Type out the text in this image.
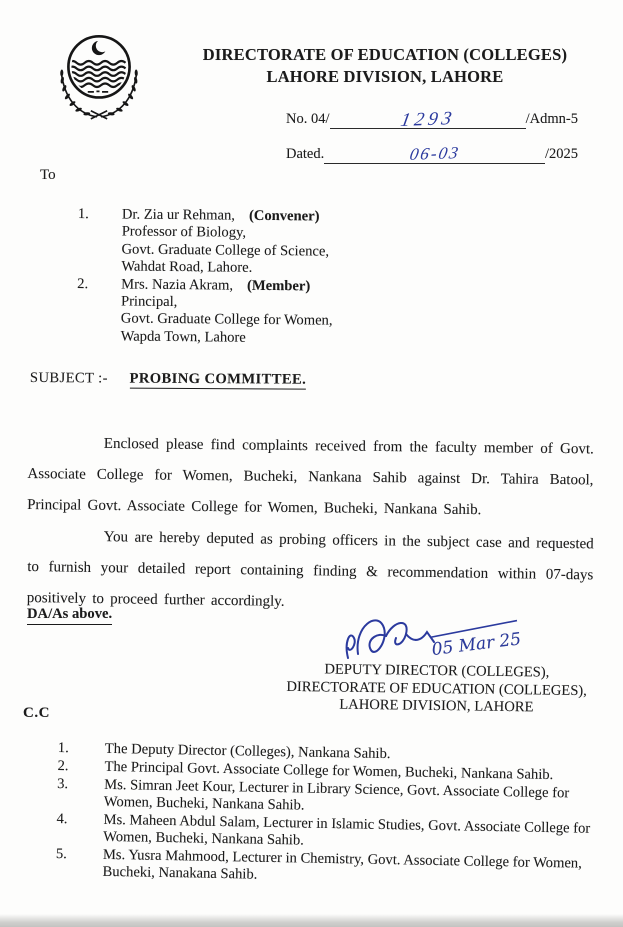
DIRECTORATE OF EDUCATION (COLLEGES)
LAHORE DIVISION, LAHORE
No. 04/	1293	/Admn-5
Dated.	06-03	/2025
To
1.	Dr. Zia ur Rehman, (Convener)
Professor of Biology,
Govt. Graduate College of Science,
Wahdat Road, Lahore.
2.	Mrs. Nazia Akram, (Member)
Principal,
Govt. Graduate College for Women,
Wapda Town, Lahore
SUBJECT :- PROBING COMMITTEE.

Enclosed please find complaints received from the faculty member of Govt. Associate College for Women, Bucheki, Nankana Sahib against Dr. Tahira Batool, Principal Govt. Associate College for Women, Bucheki, Nankana Sahib.

You are hereby deputed as probing officers in the subject case and requested to furnish your detailed report containing finding & recommendation within 07-days positively to proceed further accordingly.

DA/As above.
05 Mar 25
DEPUTY DIRECTOR (COLLEGES),
DIRECTORATE OF EDUCATION (COLLEGES),
LAHORE DIVISION, LAHORE
C.C
1.	The Deputy Director (Colleges), Nankana Sahib.
2.	The Principal Govt. Associate College for Women, Bucheki, Nankana Sahib.
3.	Ms. Simran Jeet Kour, Lecturer in Library Science, Govt. Associate College for Women, Bucheki, Nankana Sahib.
4.	Ms. Maheen Abdul Salam, Lecturer in Islamic Studies, Govt. Associate College for Women, Bucheki, Nankana Sahib.
5.	Ms. Yusra Mahmood, Lecturer in Chemistry, Govt. Associate College for Women, Bucheki, Nanakana Sahib.
